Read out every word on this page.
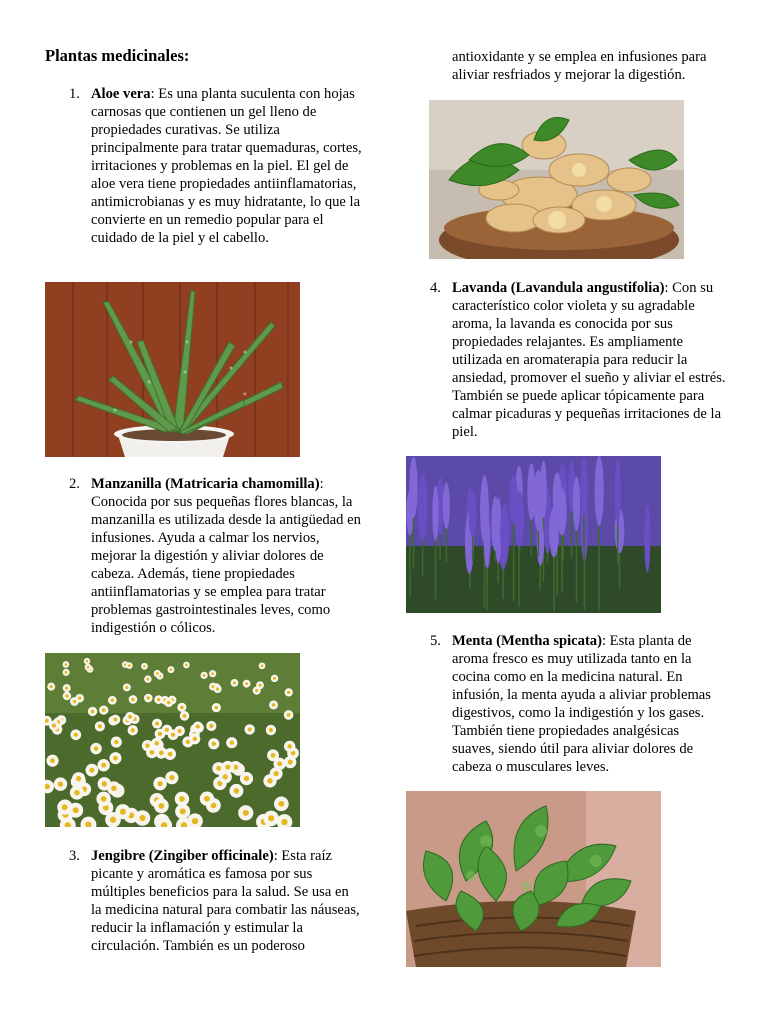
Plantas medicinales:
1. Aloe vera: Es una planta suculenta con hojas carnosas que contienen un gel lleno de propiedades curativas. Se utiliza principalmente para tratar quemaduras, cortes, irritaciones y problemas en la piel. El gel de aloe vera tiene propiedades antiinflamatorias, antimicrobianas y es muy hidratante, lo que la convierte en un remedio popular para el cuidado de la piel y el cabello.

2. Manzanilla (Matricaria chamomilla): Conocida por sus pequeñas flores blancas, la manzanilla es utilizada desde la antigüedad en infusiones. Ayuda a calmar los nervios, mejorar la digestión y aliviar dolores de cabeza. Además, tiene propiedades antiinflamatorias y se emplea para tratar problemas gastrointestinales leves, como indigestión o cólicos.

3. Jengibre (Zingiber officinale): Esta raíz picante y aromática es famosa por sus múltiples beneficios para la salud. Se usa en la medicina natural para combatir las náuseas, reducir la inflamación y estimular la circulación. También es un poderoso

antioxidante y se emplea en infusiones para aliviar resfriados y mejorar la digestión.

4. Lavanda (Lavandula angustifolia): Con su característico color violeta y su agradable aroma, la lavanda es conocida por sus propiedades relajantes. Es ampliamente utilizada en aromaterapia para reducir la ansiedad, promover el sueño y aliviar el estrés. También se puede aplicar tópicamente para calmar picaduras y pequeñas irritaciones de la piel.

5. Menta (Mentha spicata): Esta planta de aroma fresco es muy utilizada tanto en la cocina como en la medicina natural. En infusión, la menta ayuda a aliviar problemas digestivos, como la indigestión y los gases. También tiene propiedades analgésicas suaves, siendo útil para aliviar dolores de cabeza o musculares leves.
